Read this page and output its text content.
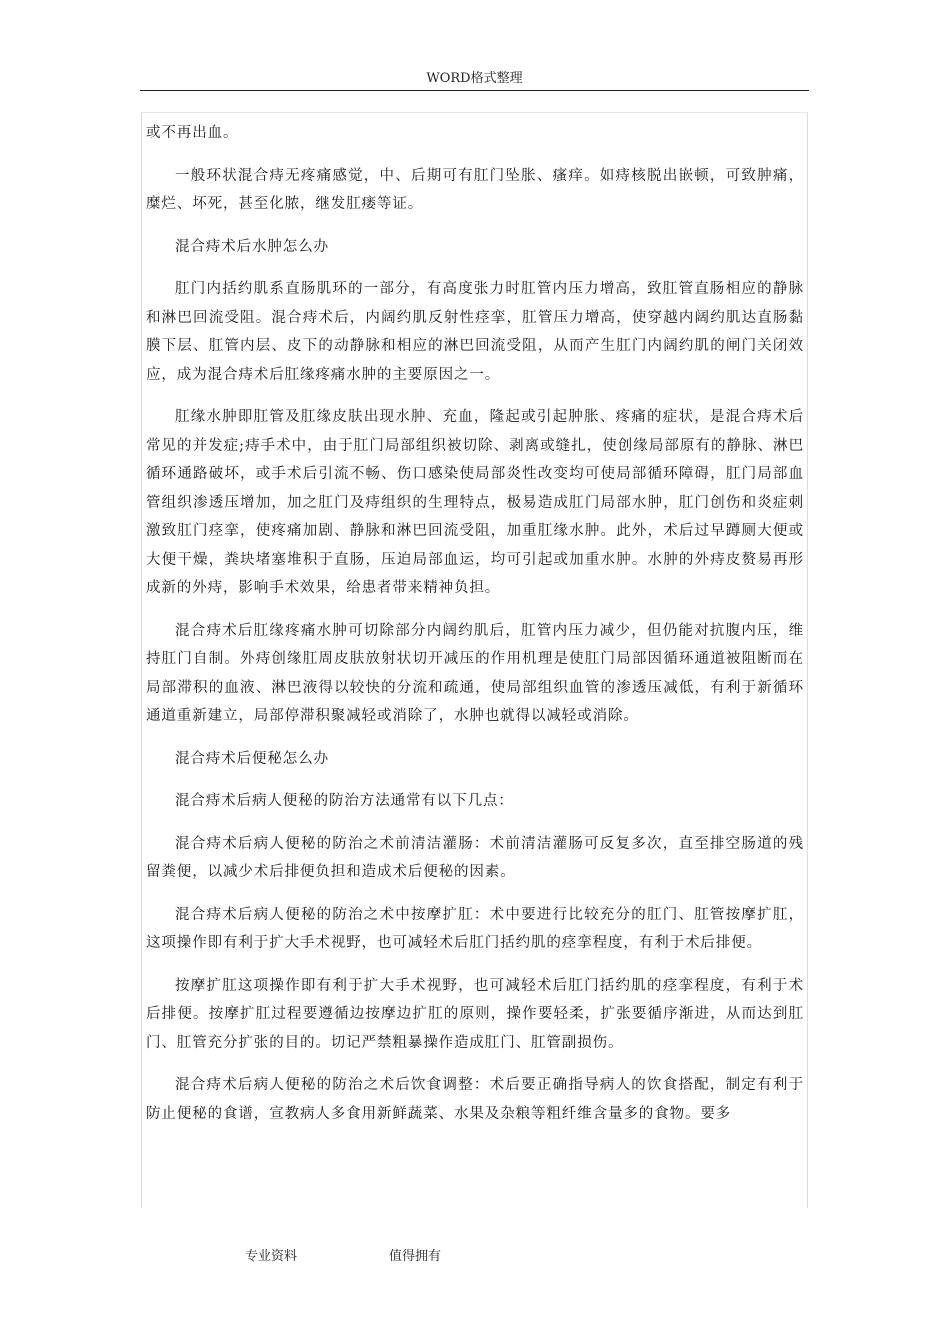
WORD格式整理

或不再出血。

一般环状混合痔无疼痛感觉，中、后期可有肛门坠胀、瘙痒。如痔核脱出嵌顿，可致肿痛，糜烂、坏死，甚至化脓，继发肛瘘等证。

混合痔术后水肿怎么办

肛门内括约肌系直肠肌环的一部分，有高度张力时肛管内压力增高，致肛管直肠相应的静脉和淋巴回流受阻。混合痔术后，内阔约肌反射性痉挛，肛管压力增高，使穿越内阔约肌达直肠黏膜下层、肛管内层、皮下的动静脉和相应的淋巴回流受阻，从而产生肛门内阔约肌的闸门关闭效应，成为混合痔术后肛缘疼痛水肿的主要原因之一。

肛缘水肿即肛管及肛缘皮肤出现水肿、充血，隆起或引起肿胀、疼痛的症状，是混合痔术后常见的并发症;痔手术中，由于肛门局部组织被切除、剥离或缝扎，使创缘局部原有的静脉、淋巴循环通路破坏，或手术后引流不畅、伤口感染使局部炎性改变均可使局部循环障碍，肛门局部血管组织渗透压增加，加之肛门及痔组织的生理特点，极易造成肛门局部水肿，肛门创伤和炎症刺激致肛门痉挛，使疼痛加剧、静脉和淋巴回流受阻，加重肛缘水肿。此外，术后过早蹲厕大便或大便干燥，粪块堵塞堆积于直肠，压迫局部血运，均可引起或加重水肿。水肿的外痔皮赘易再形成新的外痔，影响手术效果，给患者带来精神负担。

混合痔术后肛缘疼痛水肿可切除部分内阔约肌后，肛管内压力减少，但仍能对抗腹内压，维持肛门自制。外痔创缘肛周皮肤放射状切开减压的作用机理是使肛门局部因循环通道被阻断而在局部滞积的血液、淋巴液得以较快的分流和疏通，使局部组织血管的渗透压减低，有利于新循环通道重新建立，局部停滞积聚减轻或消除了，水肿也就得以减轻或消除。

混合痔术后便秘怎么办

混合痔术后病人便秘的防治方法通常有以下几点：

混合痔术后病人便秘的防治之术前清洁灌肠：术前清洁灌肠可反复多次，直至排空肠道的残留粪便，以减少术后排便负担和造成术后便秘的因素。

混合痔术后病人便秘的防治之术中按摩扩肛：术中要进行比较充分的肛门、肛管按摩扩肛，这项操作即有利于扩大手术视野，也可减轻术后肛门括约肌的痉挛程度，有利于术后排便。

按摩扩肛这项操作即有利于扩大手术视野，也可减轻术后肛门括约肌的痉挛程度，有利于术后排便。按摩扩肛过程要遵循边按摩边扩肛的原则，操作要轻柔，扩张要循序渐进，从而达到肛门、肛管充分扩张的目的。切记严禁粗暴操作造成肛门、肛管副损伤。

混合痔术后病人便秘的防治之术后饮食调整：术后要正确指导病人的饮食搭配，制定有利于防止便秘的食谱，宣教病人多食用新鲜蔬菜、水果及杂粮等粗纤维含量多的食物。要多

专业资料	值得拥有
